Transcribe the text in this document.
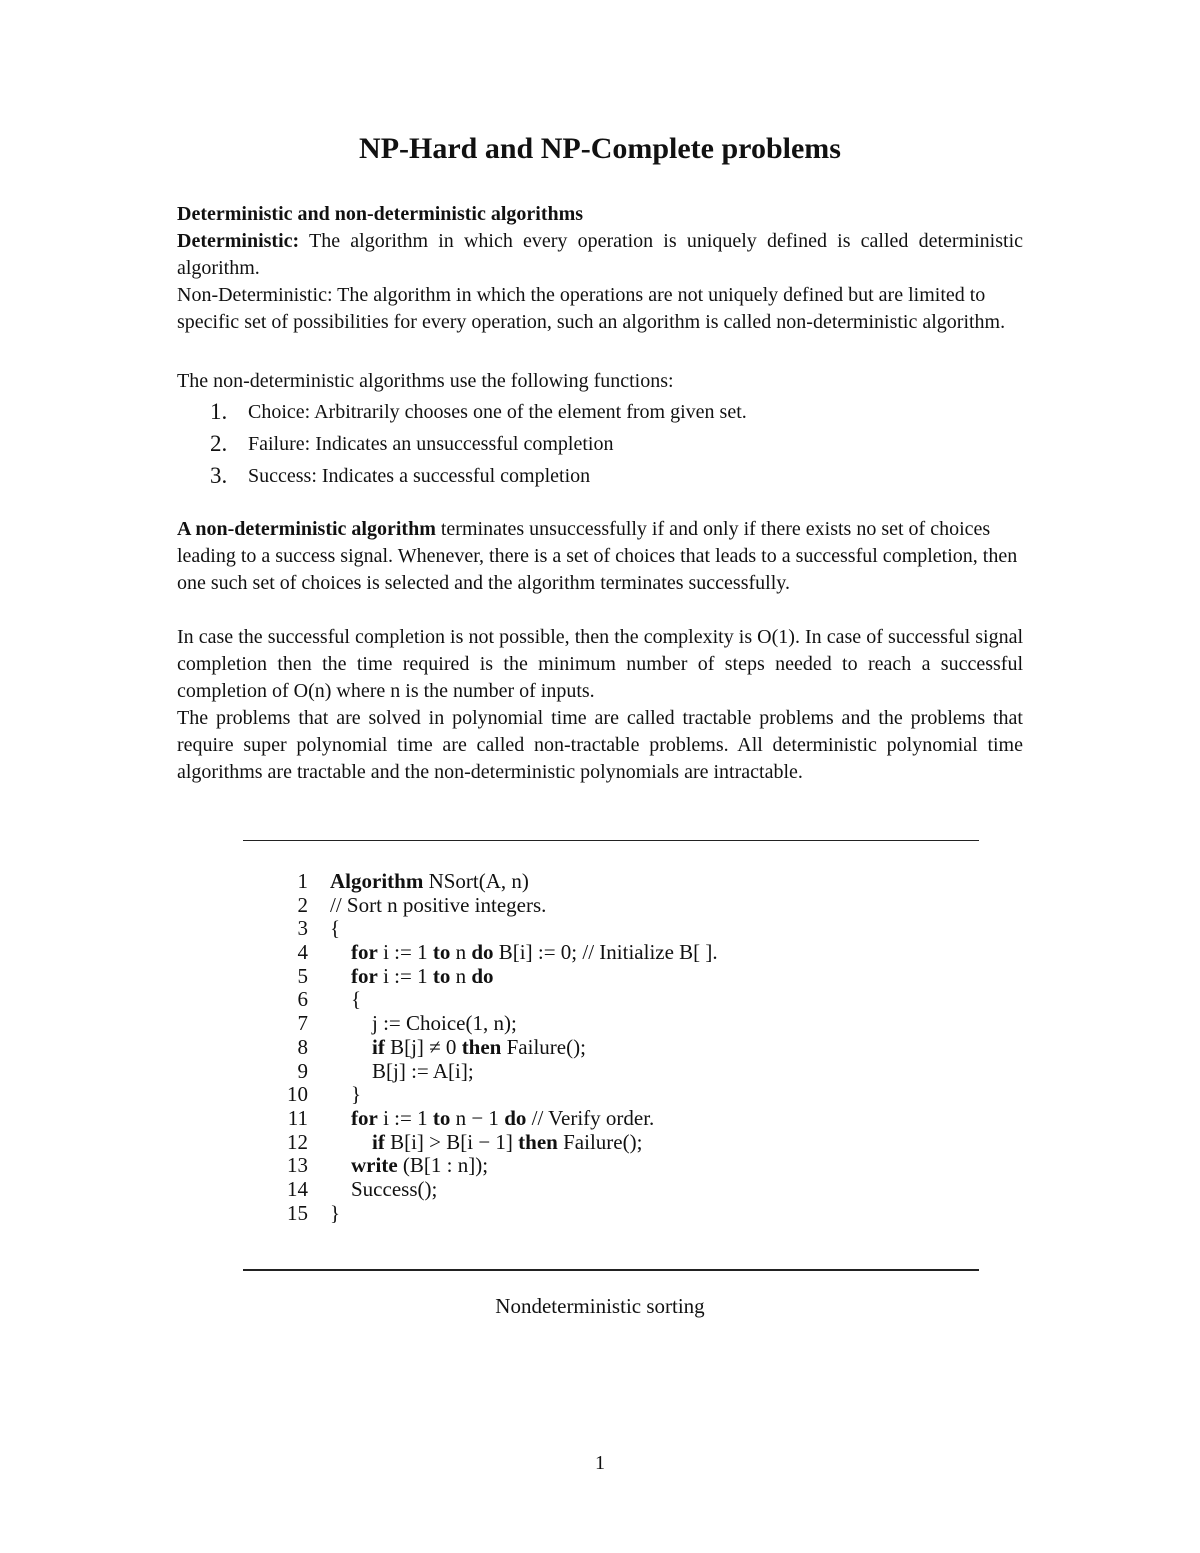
NP-Hard and NP-Complete problems
Deterministic and non-deterministic algorithms
Deterministic: The algorithm in which every operation is uniquely defined is called deterministic algorithm.
Non-Deterministic: The algorithm in which the operations are not uniquely defined but are limited to specific set of possibilities for every operation, such an algorithm is called non-deterministic algorithm.
The non-deterministic algorithms use the following functions:
1.	Choice: Arbitrarily chooses one of the element from given set.
2.	Failure: Indicates an unsuccessful completion
3.	Success: Indicates a successful completion
A non-deterministic algorithm terminates unsuccessfully if and only if there exists no set of choices leading to a success signal. Whenever, there is a set of choices that leads to a successful completion, then one such set of choices is selected and the algorithm terminates successfully.
In case the successful completion is not possible, then the complexity is O(1). In case of successful signal completion then the time required is the minimum number of steps needed to reach a successful completion of O(n) where n is the number of inputs.
The problems that are solved in polynomial time are called tractable problems and the problems that require super polynomial time are called non-tractable problems. All deterministic polynomial time algorithms are tractable and the non-deterministic polynomials are intractable.
1	Algorithm NSort(A, n)
2	// Sort n positive integers.
3	{
4	for i := 1 to n do B[i] := 0; // Initialize B[ ].
5	for i := 1 to n do
6	{
7	j := Choice(1, n);
8	if B[j] ≠ 0 then Failure();
9	B[j] := A[i];
10	}
11	for i := 1 to n − 1 do // Verify order.
12	if B[i] > B[i − 1] then Failure();
13	write (B[1 : n]);
14	Success();
15	}
Nondeterministic sorting
1
